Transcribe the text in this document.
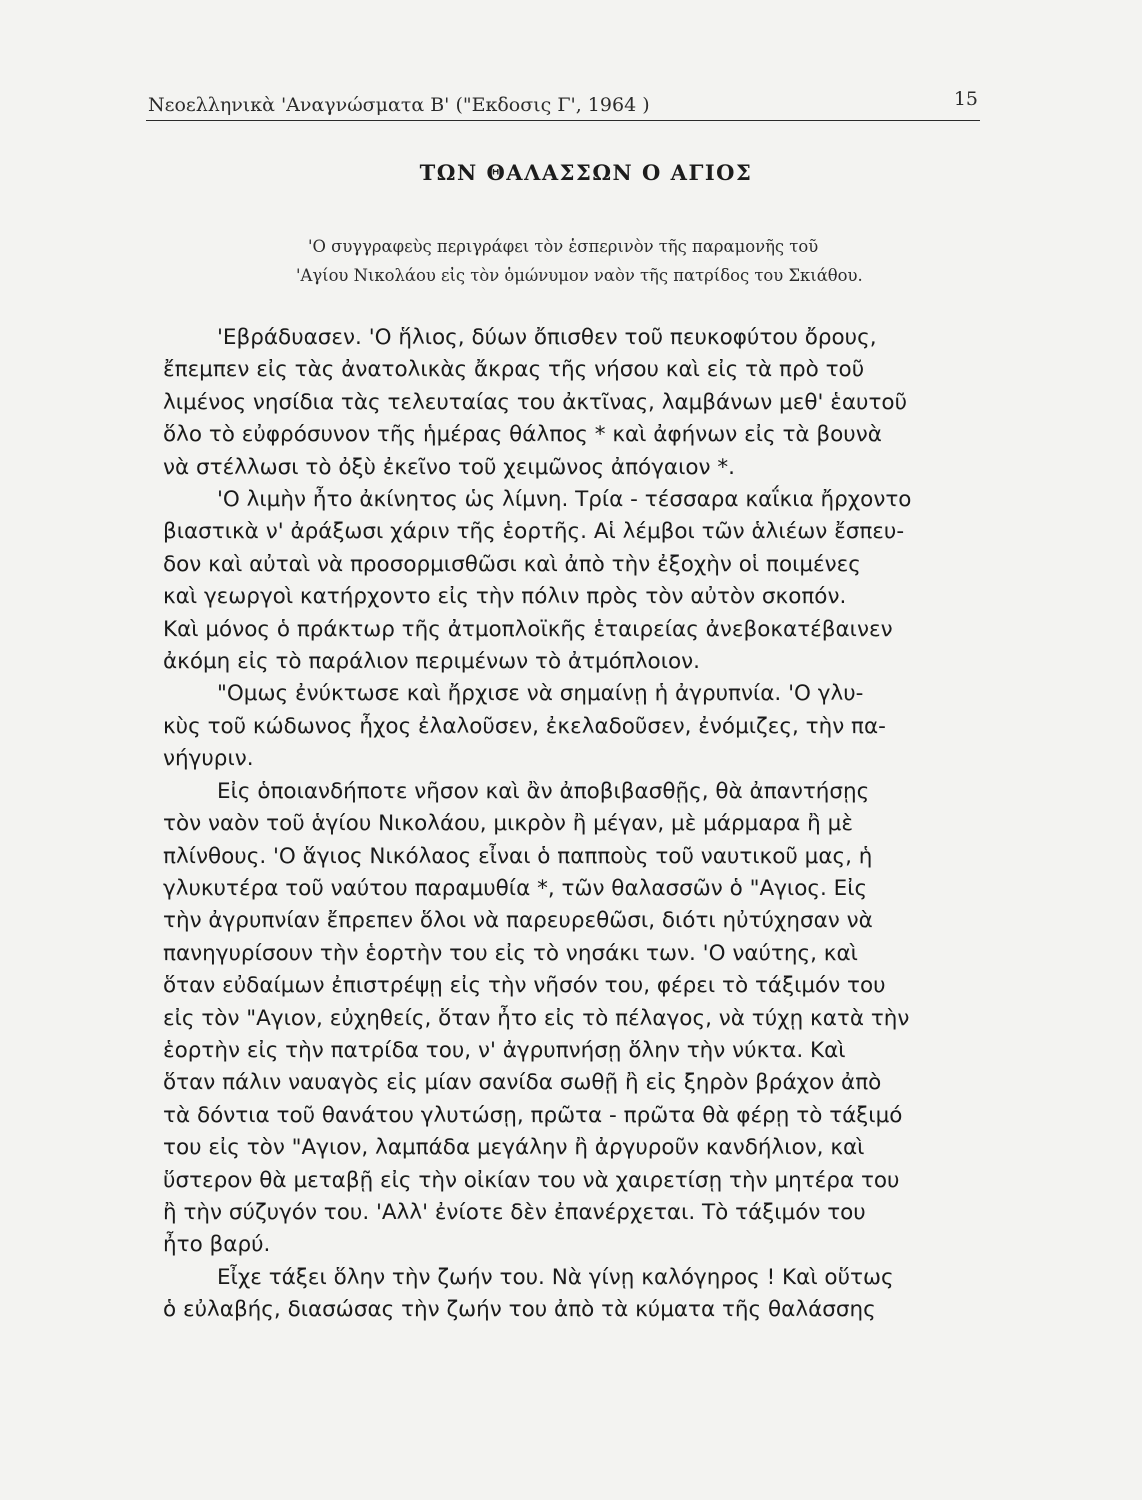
Νεοελληνικὰ 'Αναγνώσματα Β' ("Εκδοσις Γ', 1964 )	15
ΤΩΝ ΘΑΛΑΣΣΩΝ Ο ΑΓΙΟΣ
'Ο συγγραφεὺς περιγράφει τὸν ἑσπερινὸν τῆς παραμονῆς τοῦ
'Αγίου Νικολάου εἰς τὸν ὁμώνυμον ναὸν τῆς πατρίδος του Σκιάθου.
'Εβράδυασεν. 'Ο ἥλιος, δύων ὄπισθεν τοῦ πευκοφύτου ὄρους,
ἔπεμπεν εἰς τὰς ἀνατολικὰς ἄκρας τῆς νήσου καὶ εἰς τὰ πρὸ τοῦ
λιμένος νησίδια τὰς τελευταίας του ἀκτῖνας, λαμβάνων μεθ' ἑαυτοῦ
ὅλο τὸ εὐφρόσυνον τῆς ἡμέρας θάλπος * καὶ ἀφήνων εἰς τὰ βουνὰ
νὰ στέλλωσι τὸ ὀξὺ ἐκεῖνο τοῦ χειμῶνος ἀπόγαιον *.
'Ο λιμὴν ἦτο ἀκίνητος ὡς λίμνη. Τρία - τέσσαρα καΐκια ἤρχοντο
βιαστικὰ ν' ἀράξωσι χάριν τῆς ἑορτῆς. Αἱ λέμβοι τῶν ἁλιέων ἔσπευ-
δον καὶ αὐταὶ νὰ προσορμισθῶσι καὶ ἀπὸ τὴν ἐξοχὴν οἱ ποιμένες
καὶ γεωργοὶ κατήρχοντο εἰς τὴν πόλιν πρὸς τὸν αὐτὸν σκοπόν.
Καὶ μόνος ὁ πράκτωρ τῆς ἀτμοπλοϊκῆς ἑταιρείας ἀνεβοκατέβαινεν
ἀκόμη εἰς τὸ παράλιον περιμένων τὸ ἀτμόπλοιον.
"Ομως ἐνύκτωσε καὶ ἤρχισε νὰ σημαίνῃ ἡ ἀγρυπνία. 'Ο γλυ-
κὺς τοῦ κώδωνος ἦχος ἐλαλοῦσεν, ἐκελαδοῦσεν, ἐνόμιζες, τὴν πα-
νήγυριν.
Εἰς ὁποιανδήποτε νῆσον καὶ ἂν ἀποβιβασθῇς, θὰ ἀπαντήσῃς
τὸν ναὸν τοῦ ἁγίου Νικολάου, μικρὸν ἢ μέγαν, μὲ μάρμαρα ἢ μὲ
πλίνθους. 'Ο ἅγιος Νικόλαος εἶναι ὁ παπποὺς τοῦ ναυτικοῦ μας, ἡ
γλυκυτέρα τοῦ ναύτου παραμυθία *, τῶν θαλασσῶν ὁ "Αγιος. Εἰς
τὴν ἀγρυπνίαν ἔπρεπεν ὅλοι νὰ παρευρεθῶσι, διότι ηὐτύχησαν νὰ
πανηγυρίσουν τὴν ἑορτὴν του εἰς τὸ νησάκι των. 'Ο ναύτης, καὶ
ὅταν εὐδαίμων ἐπιστρέψῃ εἰς τὴν νῆσόν του, φέρει τὸ τάξιμόν του
εἰς τὸν "Αγιον, εὐχηθείς, ὅταν ἦτο εἰς τὸ πέλαγος, νὰ τύχῃ κατὰ τὴν
ἑορτὴν εἰς τὴν πατρίδα του, ν' ἀγρυπνήσῃ ὅλην τὴν νύκτα. Καὶ
ὅταν πάλιν ναυαγὸς εἰς μίαν σανίδα σωθῇ ἢ εἰς ξηρὸν βράχον ἀπὸ
τὰ δόντια τοῦ θανάτου γλυτώσῃ, πρῶτα - πρῶτα θὰ φέρῃ τὸ τάξιμό
του εἰς τὸν "Αγιον, λαμπάδα μεγάλην ἢ ἀργυροῦν κανδήλιον, καὶ
ὕστερον θὰ μεταβῇ εἰς τὴν οἰκίαν του νὰ χαιρετίσῃ τὴν μητέρα του
ἢ τὴν σύζυγόν του. 'Αλλ' ἐνίοτε δὲν ἐπανέρχεται. Τὸ τάξιμόν του
ἦτο βαρύ.
Εἶχε τάξει ὅλην τὴν ζωήν του. Νὰ γίνῃ καλόγηρος ! Καὶ οὕτως
ὁ εὐλαβής, διασώσας τὴν ζωήν του ἀπὸ τὰ κύματα τῆς θαλάσσης
